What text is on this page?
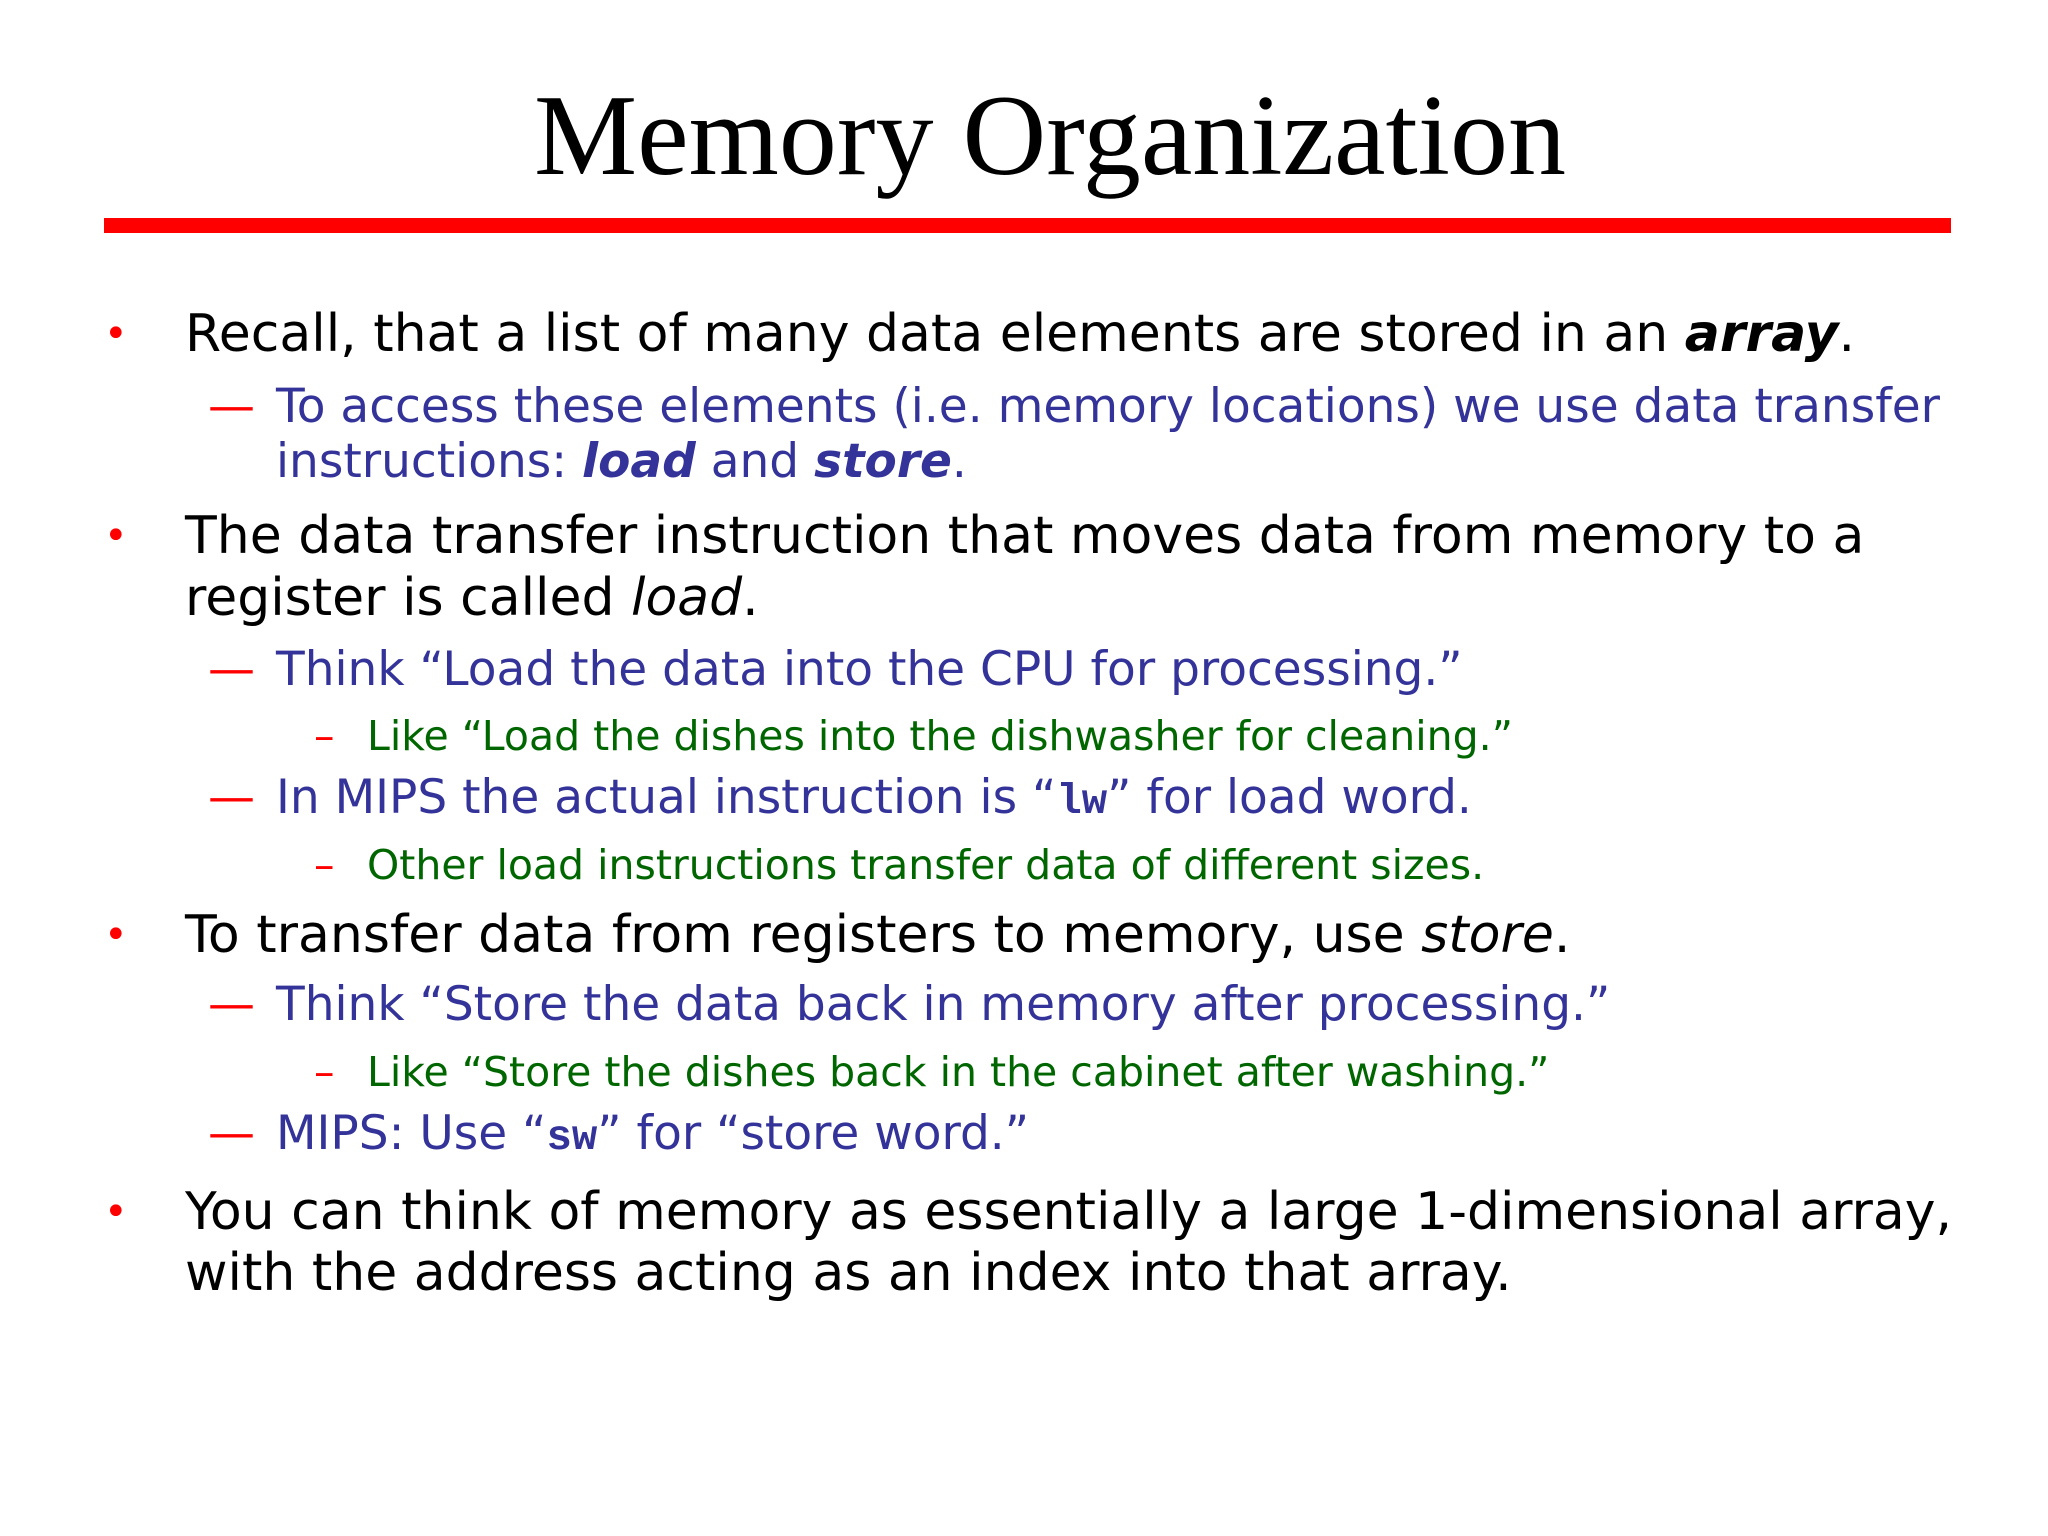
Memory Organization
• Recall, that a list of many data elements are stored in an array.
— To access these elements (i.e. memory locations) we use data transfer
instructions: load and store.
• The data transfer instruction that moves data from memory to a
register is called load.
— Think “Load the data into the CPU for processing.”
– Like “Load the dishes into the dishwasher for cleaning.”
— In MIPS the actual instruction is “lw” for load word.
– Other load instructions transfer data of different sizes.
• To transfer data from registers to memory, use store.
— Think “Store the data back in memory after processing.”
– Like “Store the dishes back in the cabinet after washing.”
— MIPS: Use “sw” for “store word.”
• You can think of memory as essentially a large 1-dimensional array,
with the address acting as an index into that array.
